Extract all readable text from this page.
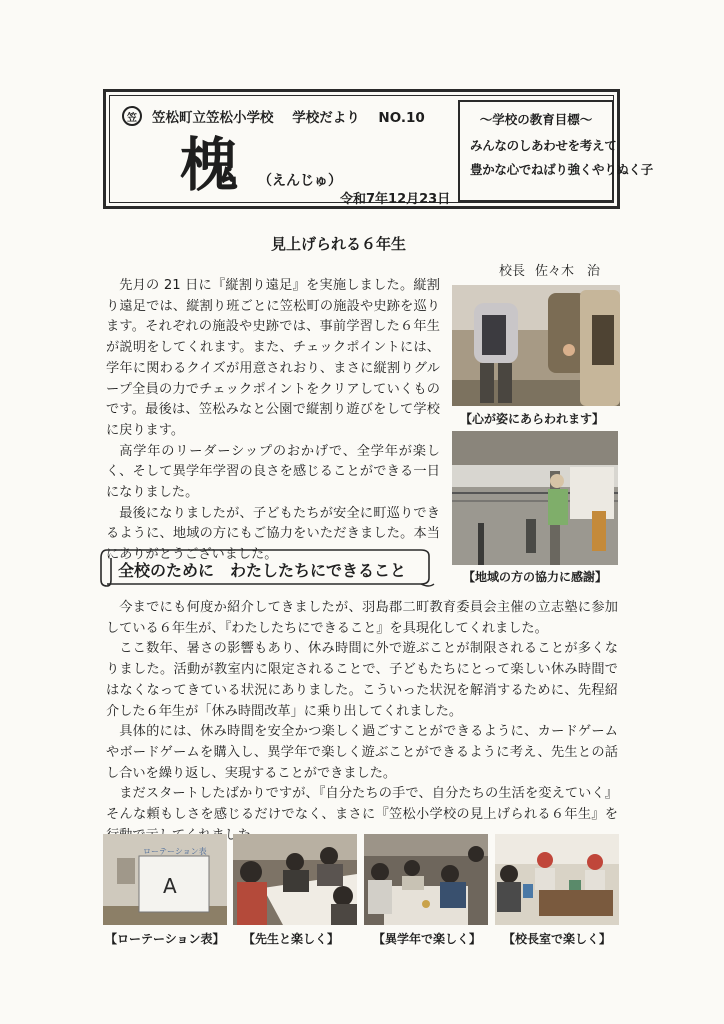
笠 笠松町立笠松小学校 学校だより NO.10
槐 （えんじゅ）
令和7年12月23日
～学校の教育目標～
みんなのしあわせを考えて
豊かな心でねばり強くやりぬく子
見上げられる６年生
校長 佐々木　治

先月の 21 日に『縦割り遠足』を実施しました。縦割り遠足では、縦割り班ごとに笠松町の施設や史跡を巡ります。それぞれの施設や史跡では、事前学習した６年生が説明をしてくれます。また、チェックポイントには、学年に関わるクイズが用意されおり、まさに縦割りグループ全員の力でチェックポイントをクリアしていくものです。最後は、笠松みなと公園で縦割り遊びをして学校に戻ります。

高学年のリーダーシップのおかげで、全学年が楽しく、そして異学年学習の良さを感じることができる一日になりました。

最後になりましたが、子どもたちが安全に町巡りできるように、地域の方にもご協力をいただきました。本当にありがとうございました。

【心が姿にあらわれます】
【地域の方の協力に感謝】
全校のために　わたしたちにできること

今までにも何度か紹介してきましたが、羽島郡二町教育委員会主催の立志塾に参加している６年生が、『わたしたちにできること』を具現化してくれました。

ここ数年、暑さの影響もあり、休み時間に外で遊ぶことが制限されることが多くなりました。活動が教室内に限定されることで、子どもたちにとって楽しい休み時間ではなくなってきている状況にありました。こういった状況を解消するために、先程紹介した６年生が「休み時間改革」に乗り出してくれました。

具体的には、休み時間を安全かつ楽しく過ごすことができるように、カードゲームやボードゲームを購入し、異学年で楽しく遊ぶことができるように考え、先生との話し合いを繰り返し、実現することができました。

まだスタートしたばかりですが、『自分たちの手で、自分たちの生活を変えていく』そんな頼もしさを感じるだけでなく、まさに『笠松小学校の見上げられる６年生』を し

ローテーション表
A
【ローテーション表】 【先生と楽しく】	【異学年で楽しく】 【校長室で楽しく】
